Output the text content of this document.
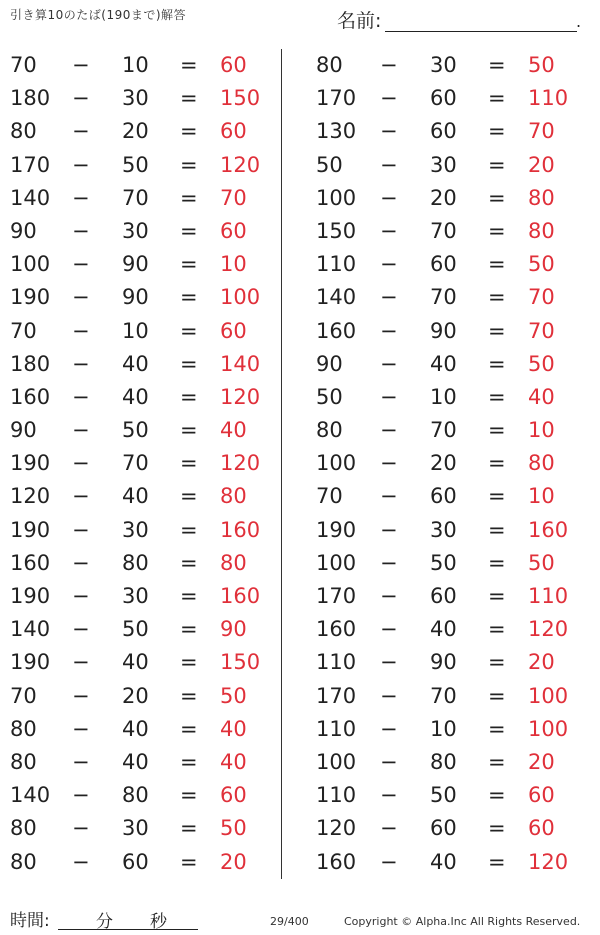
引き算10のたば(190まで)解答	名前:	.
70 − 10 = 60
180 − 30 = 150
80 − 20 = 60
170 − 50 = 120
140 − 70 = 70
90 − 30 = 60
100 − 90 = 10
190 − 90 = 100
70 − 10 = 60
180 − 40 = 140
160 − 40 = 120
90 − 50 = 40
190 − 70 = 120
120 − 40 = 80
190 − 30 = 160
160 − 80 = 80
190 − 30 = 160
140 − 50 = 90
190 − 40 = 150
70 − 20 = 50
80 − 40 = 40
80 − 40 = 40
140 − 80 = 60
80 − 30 = 50
80 − 60 = 20
80 − 30 = 50
170 − 60 = 110
130 − 60 = 70
50 − 30 = 20
100 − 20 = 80
150 − 70 = 80
110 − 60 = 50
140 − 70 = 70
160 − 90 = 70
90 − 40 = 50
50 − 10 = 40
80 − 70 = 10
100 − 20 = 80
70 − 60 = 10
190 − 30 = 160
100 − 50 = 50
170 − 60 = 110
160 − 40 = 120
110 − 90 = 20
170 − 70 = 100
110 − 10 = 100
100 − 80 = 20
110 − 50 = 60
120 − 60 = 60
160 − 40 = 120
時間:	分 秒	29/400	Copyright © Alpha.Inc All Rights Reserved.
